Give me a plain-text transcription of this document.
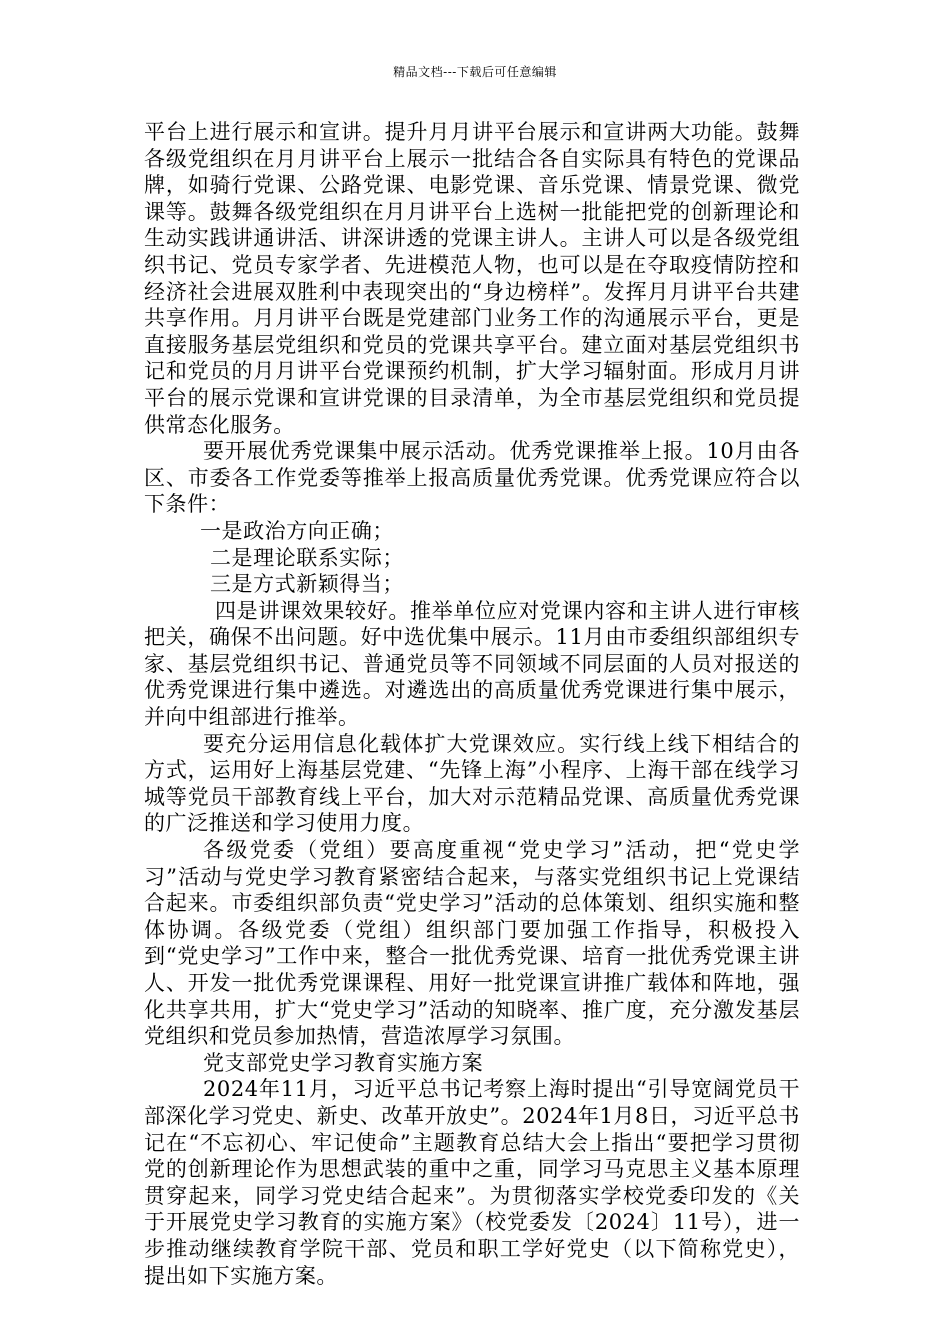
精品文档---下载后可任意编辑

平台上进行展示和宣讲。提升月月讲平台展示和宣讲两大功能。鼓舞各级党组织在月月讲平台上展示一批结合各自实际具有特色的党课品牌，如骑行党课、公路党课、电影党课、音乐党课、情景党课、微党课等。鼓舞各级党组织在月月讲平台上选树一批能把党的创新理论和生动实践讲通讲活、讲深讲透的党课主讲人。主讲人可以是各级党组织书记、党员专家学者、先进模范人物，也可以是在夺取疫情防控和经济社会进展双胜利中表现突出的“身边榜样”。发挥月月讲平台共建共享作用。月月讲平台既是党建部门业务工作的沟通展示平台，更是直接服务基层党组织和党员的党课共享平台。建立面对基层党组织书记和党员的月月讲平台党课预约机制，扩大学习辐射面。形成月月讲平台的展示党课和宣讲党课的目录清单，为全市基层党组织和党员提供常态化服务。

要开展优秀党课集中展示活动。优秀党课推举上报。10月由各区、市委各工作党委等推举上报高质量优秀党课。优秀党课应符合以下条件：

一是政治方向正确；

二是理论联系实际；

三是方式新颖得当；

四是讲课效果较好。推举单位应对党课内容和主讲人进行审核把关，确保不出问题。好中选优集中展示。11月由市委组织部组织专家、基层党组织书记、普通党员等不同领域不同层面的人员对报送的优秀党课进行集中遴选。对遴选出的高质量优秀党课进行集中展示，并向中组部进行推举。

要充分运用信息化载体扩大党课效应。实行线上线下相结合的方式，运用好上海基层党建、“先锋上海”小程序、上海干部在线学习城等党员干部教育线上平台，加大对示范精品党课、高质量优秀党课的广泛推送和学习使用力度。

各级党委（党组）要高度重视“党史学习”活动，把“党史学习”活动与党史学习教育紧密结合起来，与落实党组织书记上党课结合起来。市委组织部负责“党史学习”活动的总体策划、组织实施和整体协调。各级党委（党组）组织部门要加强工作指导，积极投入到“党史学习”工作中来，整合一批优秀党课、培育一批优秀党课主讲人、开发一批优秀党课课程、用好一批党课宣讲推广载体和阵地，强化共享共用，扩大“党史学习”活动的知晓率、推广度，充分激发基层党组织和党员参加热情，营造浓厚学习氛围。

党支部党史学习教育实施方案

2024年11月，习近平总书记考察上海时提出“引导宽阔党员干部深化学习党史、新史、改革开放史”。2024年1月8日，习近平总书记在“不忘初心、牢记使命”主题教育总结大会上指出“要把学习贯彻党的创新理论作为思想武装的重中之重，同学习马克思主义基本原理贯穿起来，同学习党史结合起来”。为贯彻落实学校党委印发的《关于开展党史学习教育的实施方案》（校党委发〔2024〕11号），进一步推动继续教育学院干部、党员和职工学好党史（以下简称党史），提出如下实施方案。
